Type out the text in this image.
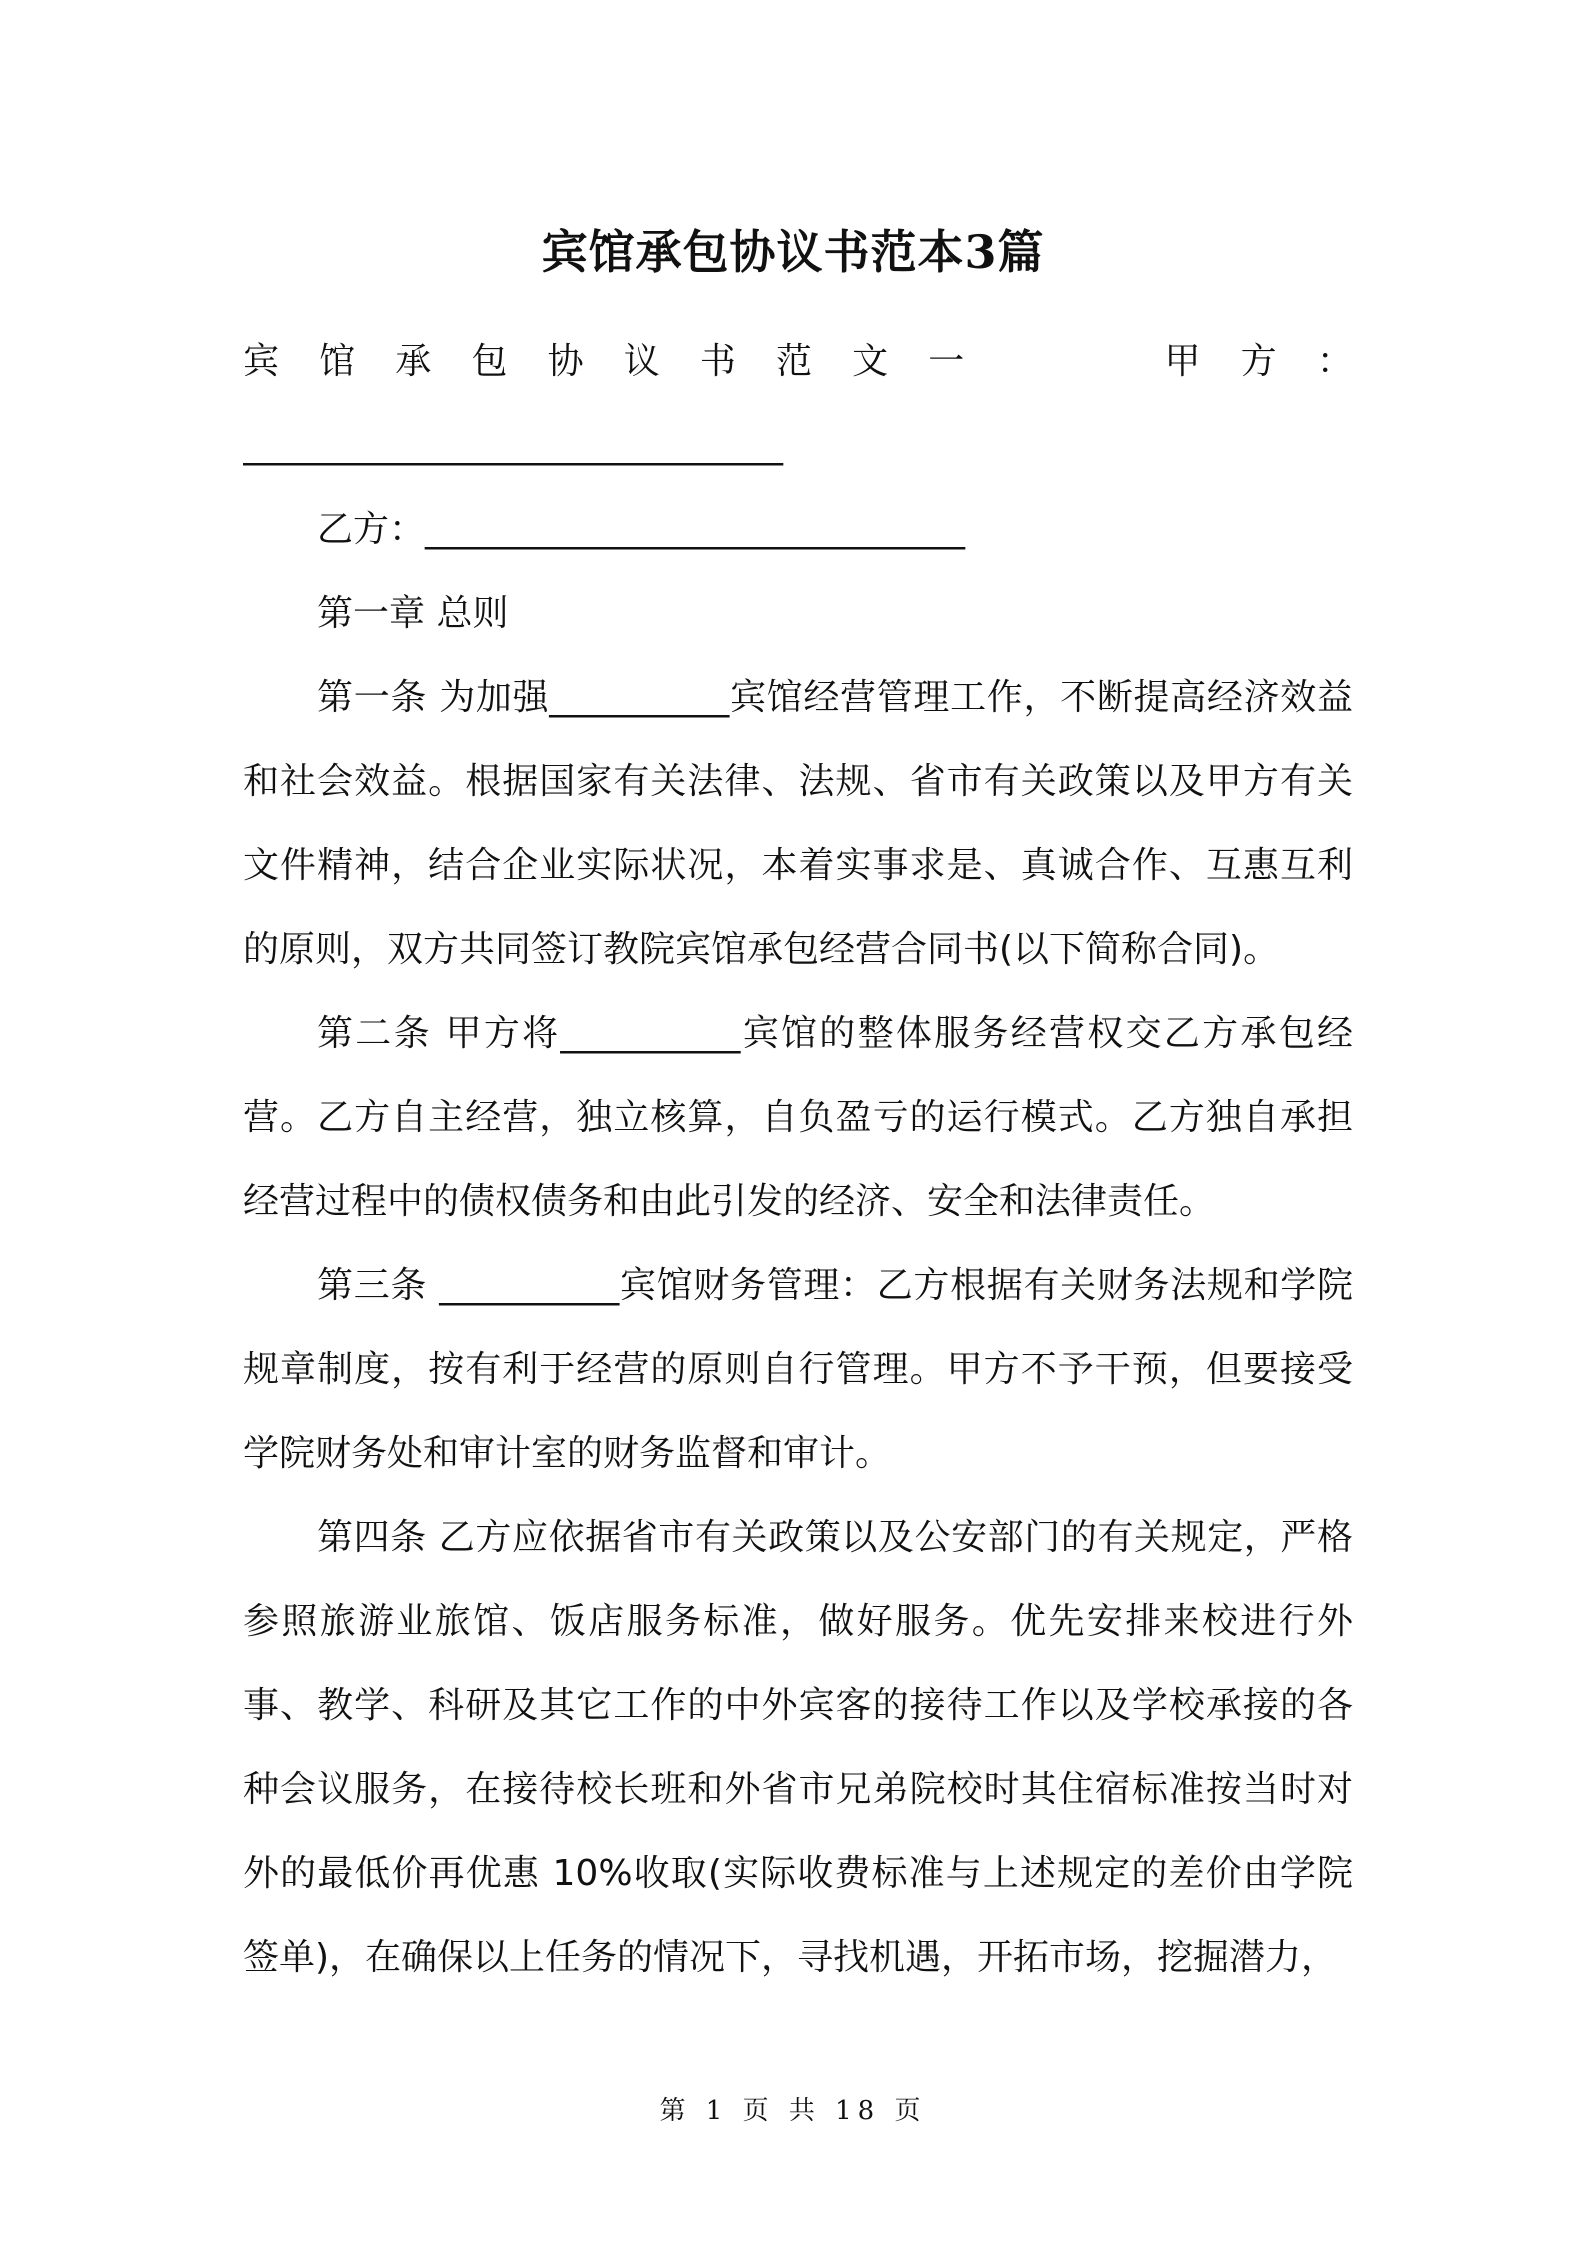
宾馆承包协议书范本3篇
宾 馆 承 包 协 议 书 范 文 一	甲 方 ：
______________________________
乙方：______________________________
第一章 总则
第一条 为加强__________宾馆经营管理工作，不断提高经济效益和社会效益。根据国家有关法律、法规、省市有关政策以及甲方有关文件精神，结合企业实际状况，本着实事求是、真诚合作、互惠互利的原则，双方共同签订教院宾馆承包经营合同书(以下简称合同)。
第二条 甲方将__________宾馆的整体服务经营权交乙方承包经营。乙方自主经营，独立核算，自负盈亏的运行模式。乙方独自承担经营过程中的债权债务和由此引发的经济、安全和法律责任。
第三条 __________宾馆财务管理：乙方根据有关财务法规和学院规章制度，按有利于经营的原则自行管理。甲方不予干预，但要接受学院财务处和审计室的财务监督和审计。
第四条 乙方应依据省市有关政策以及公安部门的有关规定，严格参照旅游业旅馆、饭店服务标准，做好服务。优先安排来校进行外事、教学、科研及其它工作的中外宾客的接待工作以及学校承接的各种会议服务，在接待校长班和外省市兄弟院校时其住宿标准按当时对外的最低价再优惠 10%收取(实际收费标准与上述规定的差价由学院签单)，在确保以上任务的情况下，寻找机遇，开拓市场，挖掘潜力，
第 1 页 共 18 页
